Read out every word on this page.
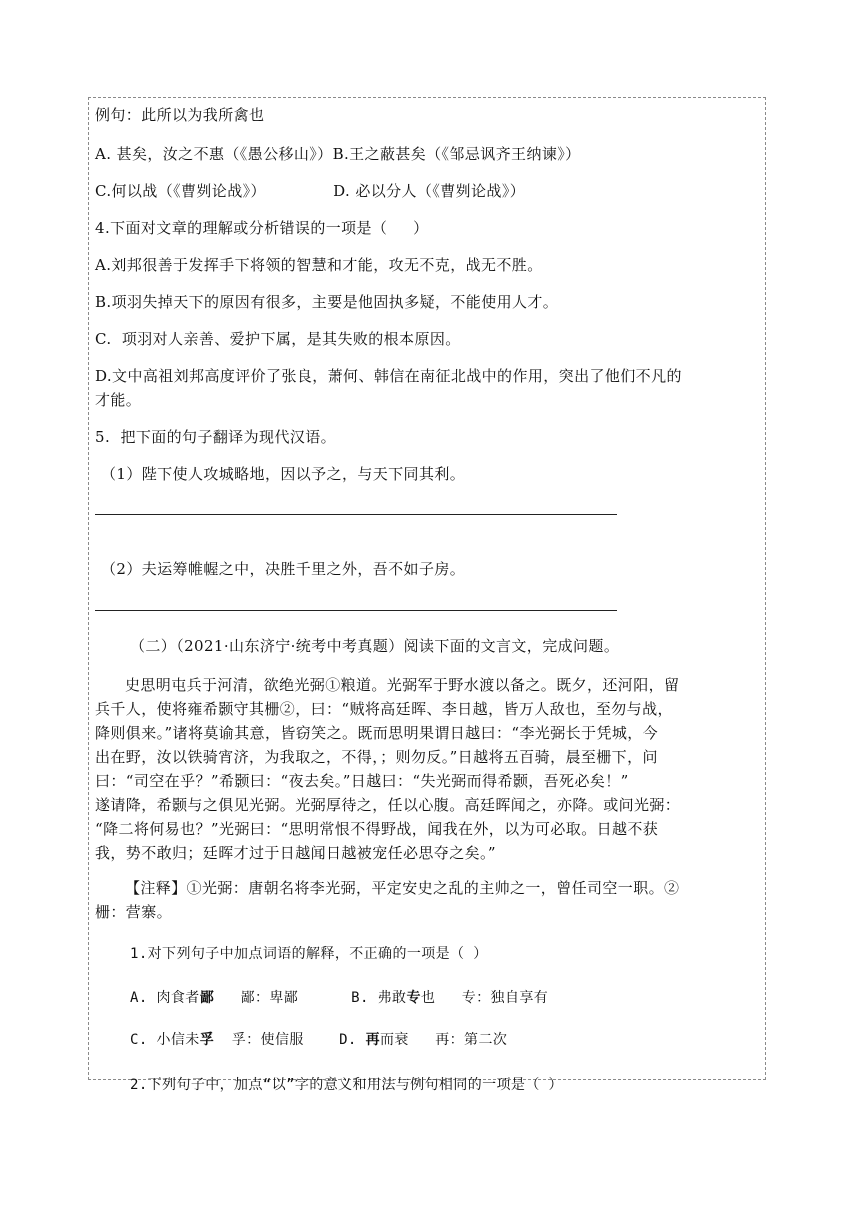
例句：此所以为我所禽也
A. 甚矣，汝之不惠（《愚公移山》）B.王之蔽甚矣（《邹忌讽齐王纳谏》）
C.何以战（《曹刿论战》）             D. 必以分人（《曹刿论战》）
4.下面对文章的理解或分析错误的一项是（     ）
A.刘邦很善于发挥手下将领的智慧和才能，攻无不克，战无不胜。
B.项羽失掉天下的原因有很多，主要是他固执多疑，不能使用人才。
C.  项羽对人亲善、爱护下属，是其失败的根本原因。
D.文中高祖刘邦高度评价了张良，萧何、韩信在南征北战中的作用，突出了他们不凡的
才能。
5.  把下面的句子翻译为现代汉语。
（1）陛下使人攻城略地，因以予之，与天下同其利。
（2）夫运筹帷幄之中，决胜千里之外，吾不如子房。
（二）（2021·山东济宁·统考中考真题）阅读下面的文言文，完成问题。
史思明屯兵于河清，欲绝光弼①粮道。光弼军于野水渡以备之。既夕，还河阳，留
兵千人，使将雍希颢守其栅②，曰：“贼将高廷晖、李日越，皆万人敌也，至勿与战，
降则俱来。”诸将莫谕其意，皆窃笑之。既而思明果谓日越曰：“李光弼长于凭城，今
出在野，汝以铁骑宵济，为我取之，不得，；则勿反。”日越将五百骑，晨至栅下，问
曰：“司空在乎？”希颢曰：“夜去矣。”日越曰：“失光弼而得希颢，吾死必矣！”
遂请降，希颢与之俱见光弼。光弼厚待之，任以心腹。高廷晖闻之，亦降。或问光弼：
“降二将何易也？”光弼曰：“思明常恨不得野战，闻我在外，以为可必取。日越不获
我，势不敢归；廷晖才过于日越闻日越被宠任必思夺之矣。”
【注释】①光弼：唐朝名将李光弼，平定安史之乱的主帅之一，曾任司空一职。②
栅：营寨。
1.对下列句子中加点词语的解释，不正确的一项是（ ）
A. 肉食者鄙   鄙：卑鄙      B. 弗敢专也   专：独自享有
C. 小信未孚  孚：使信服    D. 再而衰   再：第二次
2.下列句子中，加点“以”字的意义和用法与例句相同的一项是（ ）
